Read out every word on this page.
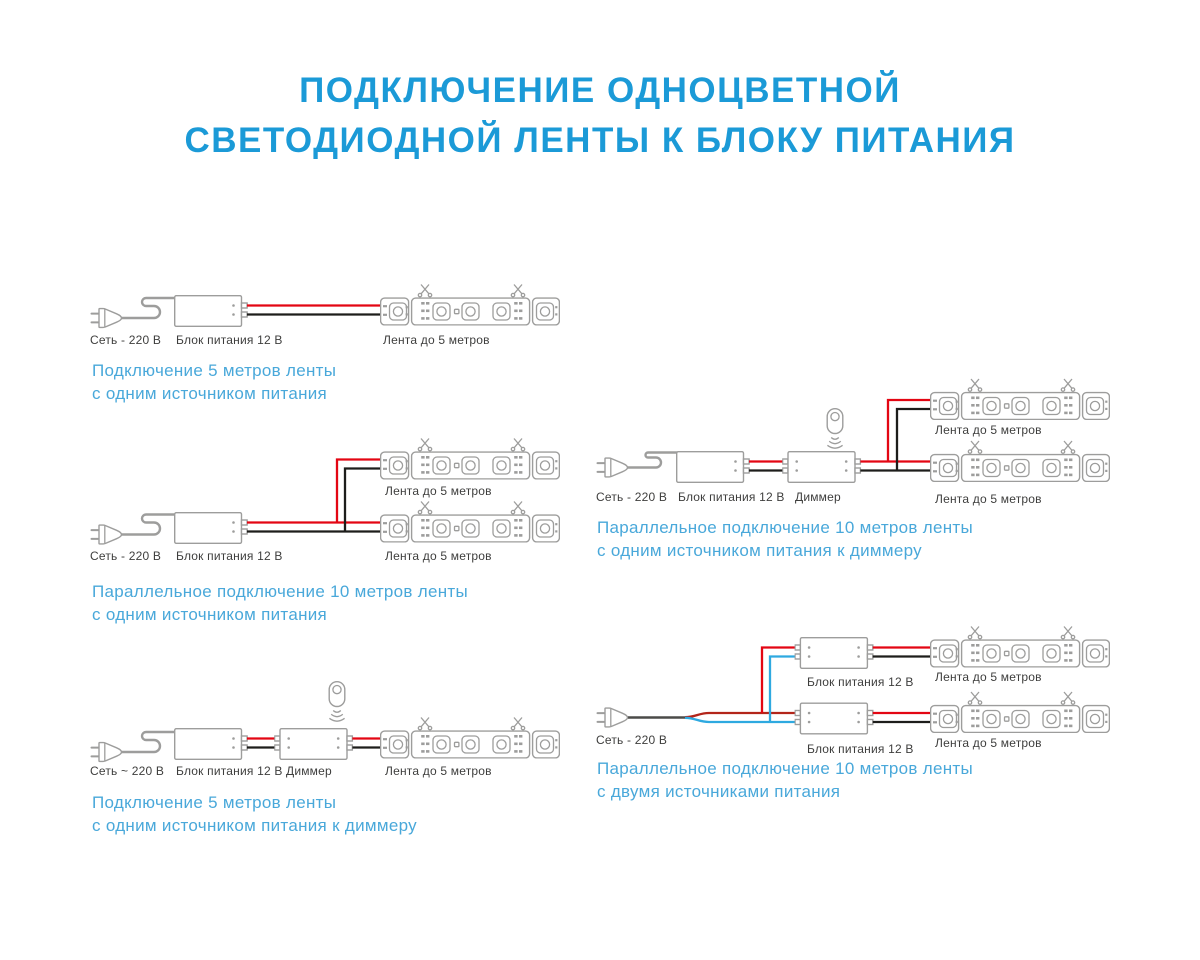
ПОДКЛЮЧЕНИЕ ОДНОЦВЕТНОЙ
СВЕТОДИОДНОЙ ЛЕНТЫ К БЛОКУ ПИТАНИЯ
Сеть - 220 В Блок питания 12 В	Лента до 5 метров
Подключение 5 метров ленты
с одним источником питания
Лента до 5 метров
Сеть - 220 В Блок питания 12 В	Лента до 5 метров
Параллельное подключение 10 метров ленты
с одним источником питания
Сеть ~ 220 В Блок питания 12 В Диммер	Лента до 5 метров
Подключение 5 метров ленты
с одним источником питания к диммеру
Лента до 5 метров
Сеть - 220 В Блок питания 12 В Диммер	Лента до 5 метров
Параллельное подключение 10 метров ленты
с одним источником питания к диммеру
Лента до 5 метров
Блок питания 12 В
Сеть - 220 В	Лента до 5 метров
Блок питания 12 В
Параллельное подключение 10 метров ленты
с двумя источниками питания
